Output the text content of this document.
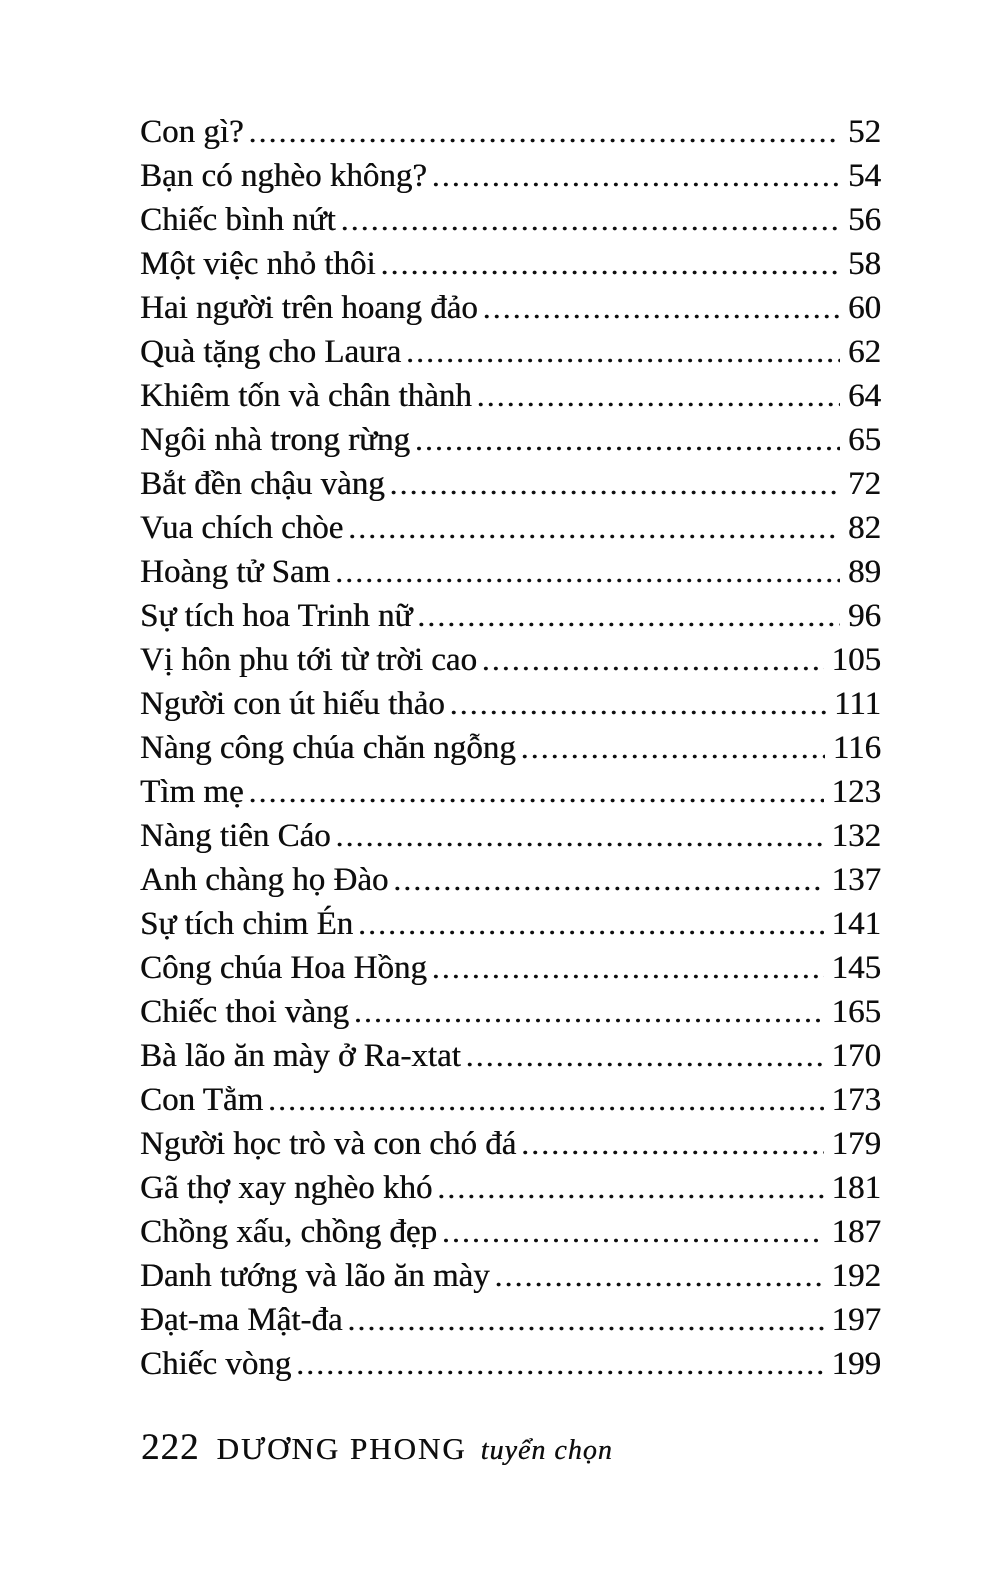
Con gì? .....	52
Bạn có nghèo không? .....	54
Chiếc bình nứt .....	56
Một việc nhỏ thôi .....	58
Hai người trên hoang đảo .....	60
Quà tặng cho Laura .....	62
Khiêm tốn và chân thành .....	64
Ngôi nhà trong rừng .....	65
Bắt đền chậu vàng .....	72
Vua chích chòe .....	82
Hoàng tử Sam .....	89
Sự tích hoa Trinh nữ .....	96
Vị hôn phu tới từ trời cao .....	105
Người con út hiếu thảo .....	111
Nàng công chúa chăn ngỗng .....	116
Tìm mẹ .....	123
Nàng tiên Cáo .....	132
Anh chàng họ Đào .....	137
Sự tích chim Én .....	141
Công chúa Hoa Hồng .....	145
Chiếc thoi vàng .....	165
Bà lão ăn mày ở Ra-xtat .....	170
Con Tằm .....	173
Người học trò và con chó đá .....	179
Gã thợ xay nghèo khó .....	181
Chồng xấu, chồng đẹp .....	187
Danh tướng và lão ăn mày .....	192
Đạt-ma Mật-đa .....	197
Chiếc vòng .....	199
222 DƯƠNG PHONG tuyển chọn
